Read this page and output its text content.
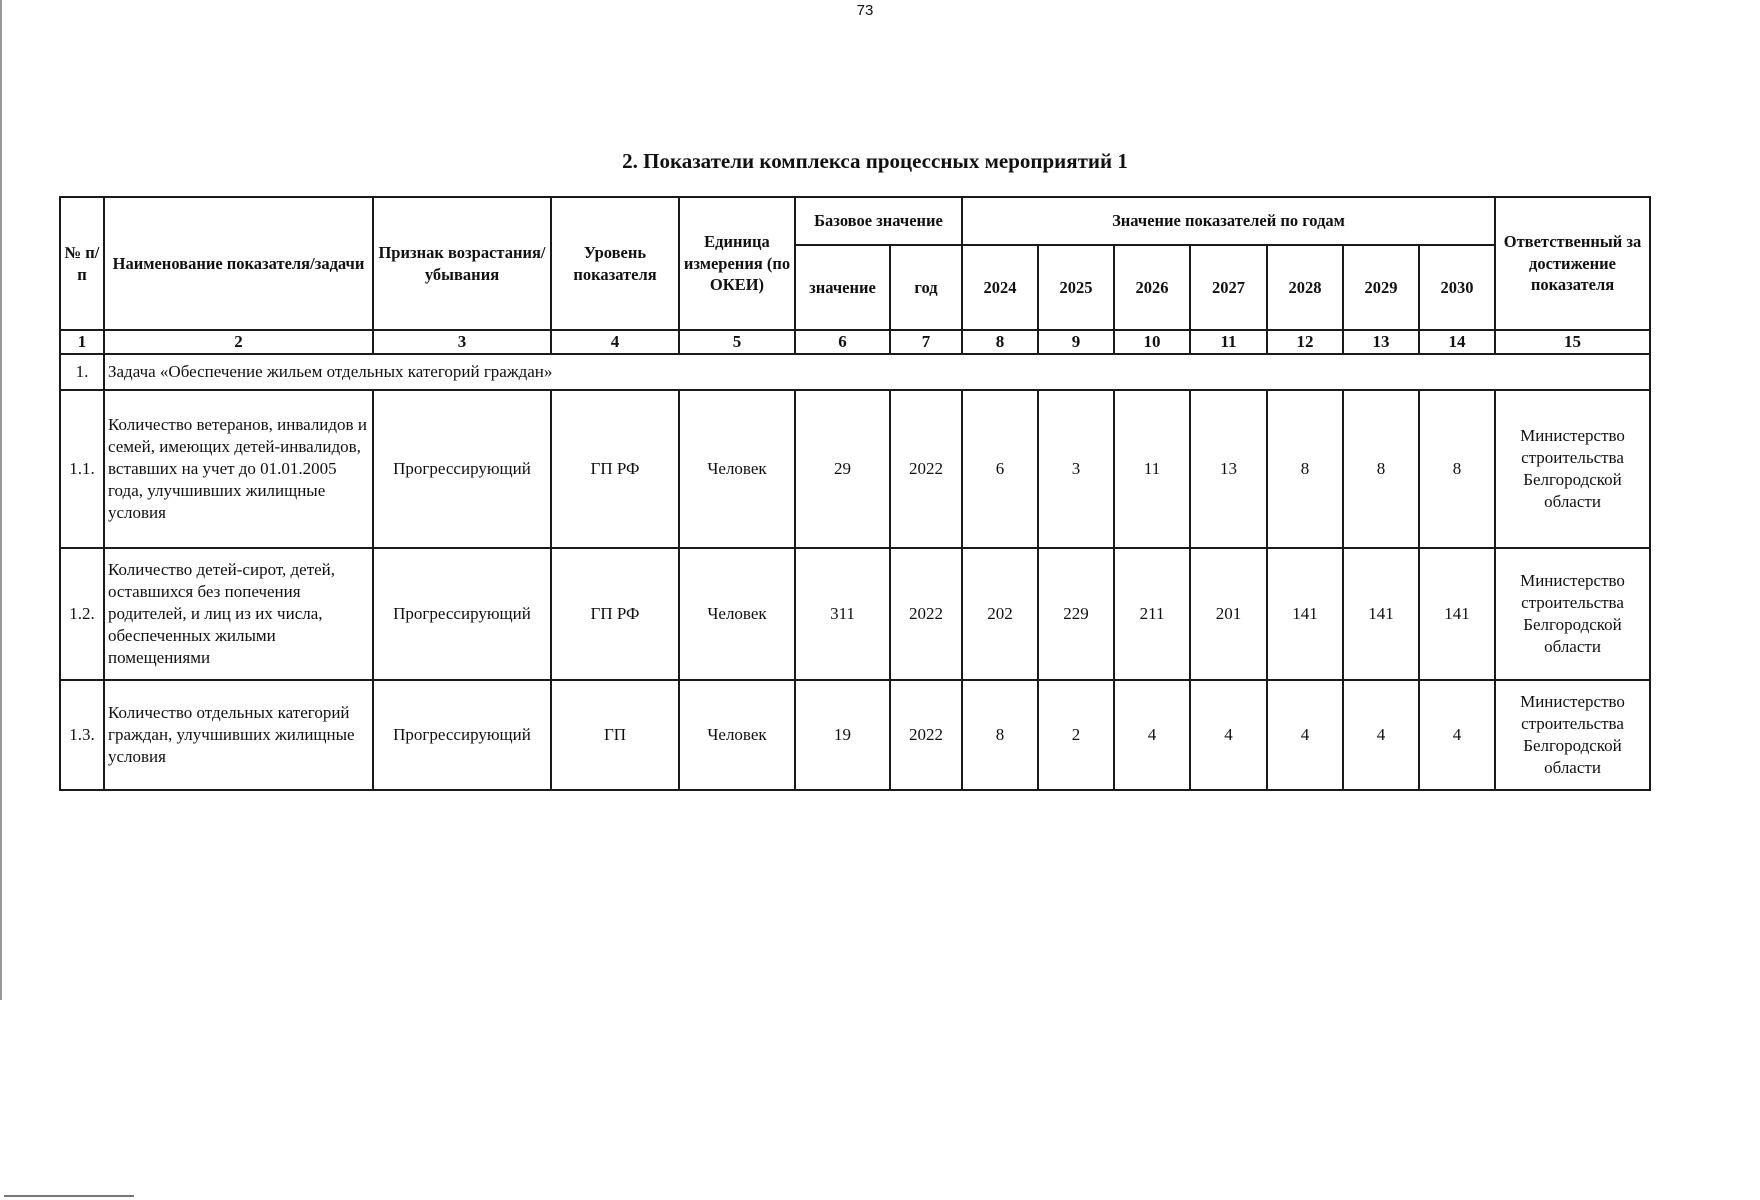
73
2. Показатели комплекса процессных мероприятий 1
№ п/п	Наименование показателя/задачи	Признак возрастания/ убывания	Уровень показателя	Единица измерения (по ОКЕИ)	Базовое значение		Значение показателей по годам							Ответственный за достижение показателя
					значение	год	2024	2025	2026	2027	2028	2029	2030	
1	2	3	4	5	6	7	8	9	10	11	12	13	14	15
1.	Задача «Обеспечение жильем отдельных категорий граждан»													
1.1.	Количество ветеранов, инвалидов и семей, имеющих детей-инвалидов, вставших на учет до 01.01.2005 года, улучшивших жилищные условия	Прогрессирующий	ГП РФ	Человек	29	2022	6	3	11	13	8	8	8	Министерство строительства Белгородской области
1.2.	Количество детей-сирот, детей, оставшихся без попечения родителей, и лиц из их числа, обеспеченных жилыми помещениями	Прогрессирующий	ГП РФ	Человек	311	2022	202	229	211	201	141	141	141	Министерство строительства Белгородской области
1.3.	Количество отдельных категорий граждан, улучшивших жилищные условия	Прогрессирующий	ГП	Человек	19	2022	8	2	4	4	4	4	4	Министерство строительства Белгородской области
